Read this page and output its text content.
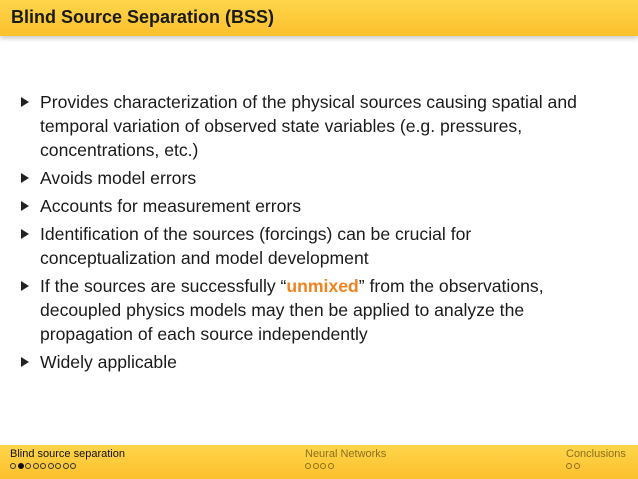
Blind Source Separation (BSS)
Provides characterization of the physical sources causing spatial and
temporal variation of observed state variables (e.g. pressures,
concentrations, etc.)
Avoids model errors
Accounts for measurement errors
Identification of the sources (forcings) can be crucial for
conceptualization and model development
If the sources are successfully “unmixed” from the observations,
decoupled physics models may then be applied to analyze the
propagation of each source independently
Widely applicable
Blind source separation	Neural Networks	Conclusions
